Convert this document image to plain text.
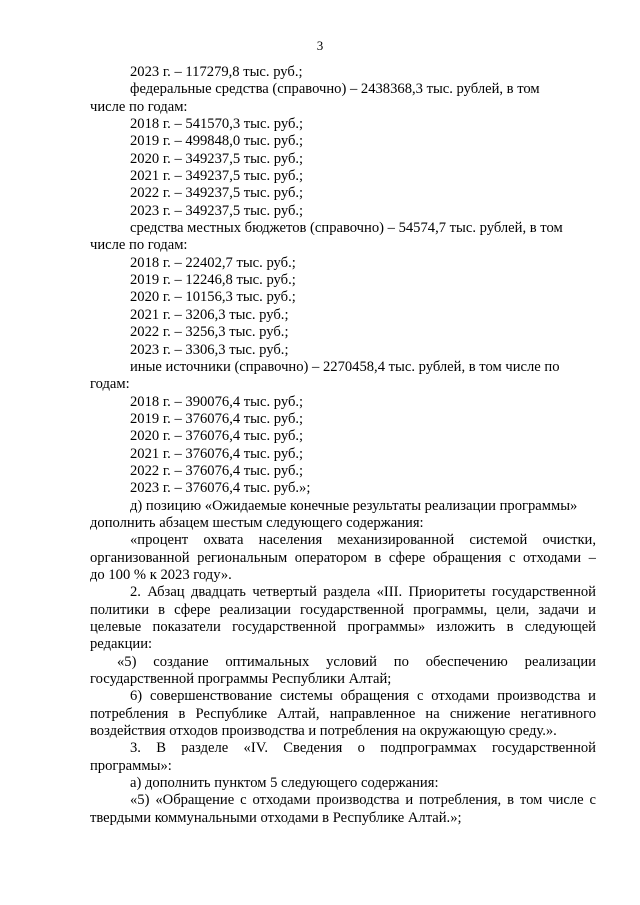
3
2023 г. – 117279,8 тыс. руб.;
федеральные средства (справочно) – 2438368,3 тыс. рублей, в том
числе по годам:
2018 г. – 541570,3 тыс. руб.;
2019 г. – 499848,0 тыс. руб.;
2020 г. – 349237,5 тыс. руб.;
2021 г. – 349237,5 тыс. руб.;
2022 г. – 349237,5 тыс. руб.;
2023 г. – 349237,5 тыс. руб.;
средства местных бюджетов (справочно) – 54574,7 тыс. рублей, в том
числе по годам:
2018 г. – 22402,7 тыс. руб.;
2019 г. – 12246,8 тыс. руб.;
2020 г. – 10156,3 тыс. руб.;
2021 г. – 3206,3 тыс. руб.;
2022 г. – 3256,3 тыс. руб.;
2023 г. – 3306,3 тыс. руб.;
иные источники (справочно) – 2270458,4 тыс. рублей, в том числе по
годам:
2018 г. – 390076,4 тыс. руб.;
2019 г. – 376076,4 тыс. руб.;
2020 г. – 376076,4 тыс. руб.;
2021 г. – 376076,4 тыс. руб.;
2022 г. – 376076,4 тыс. руб.;
2023 г. – 376076,4 тыс. руб.»;
д) позицию «Ожидаемые конечные результаты реализации программы»
дополнить абзацем шестым следующего содержания:
«процент охвата населения механизированной системой очистки,
организованной региональным оператором в сфере обращения с отходами –
до 100 % к 2023 году».
2. Абзац двадцать четвертый раздела «III. Приоритеты государственной
политики в сфере реализации государственной программы, цели, задачи и
целевые показатели государственной программы» изложить в следующей
редакции:
«5) создание оптимальных условий по обеспечению реализации
государственной программы Республики Алтай;
6) совершенствование системы обращения с отходами производства и
потребления в Республике Алтай, направленное на снижение негативного
воздействия отходов производства и потребления на окружающую среду.».
3. В разделе «IV. Сведения о подпрограммах государственной
программы»:
а) дополнить пунктом 5 следующего содержания:
«5) «Обращение с отходами производства и потребления, в том числе с
твердыми коммунальными отходами в Республике Алтай.»;
